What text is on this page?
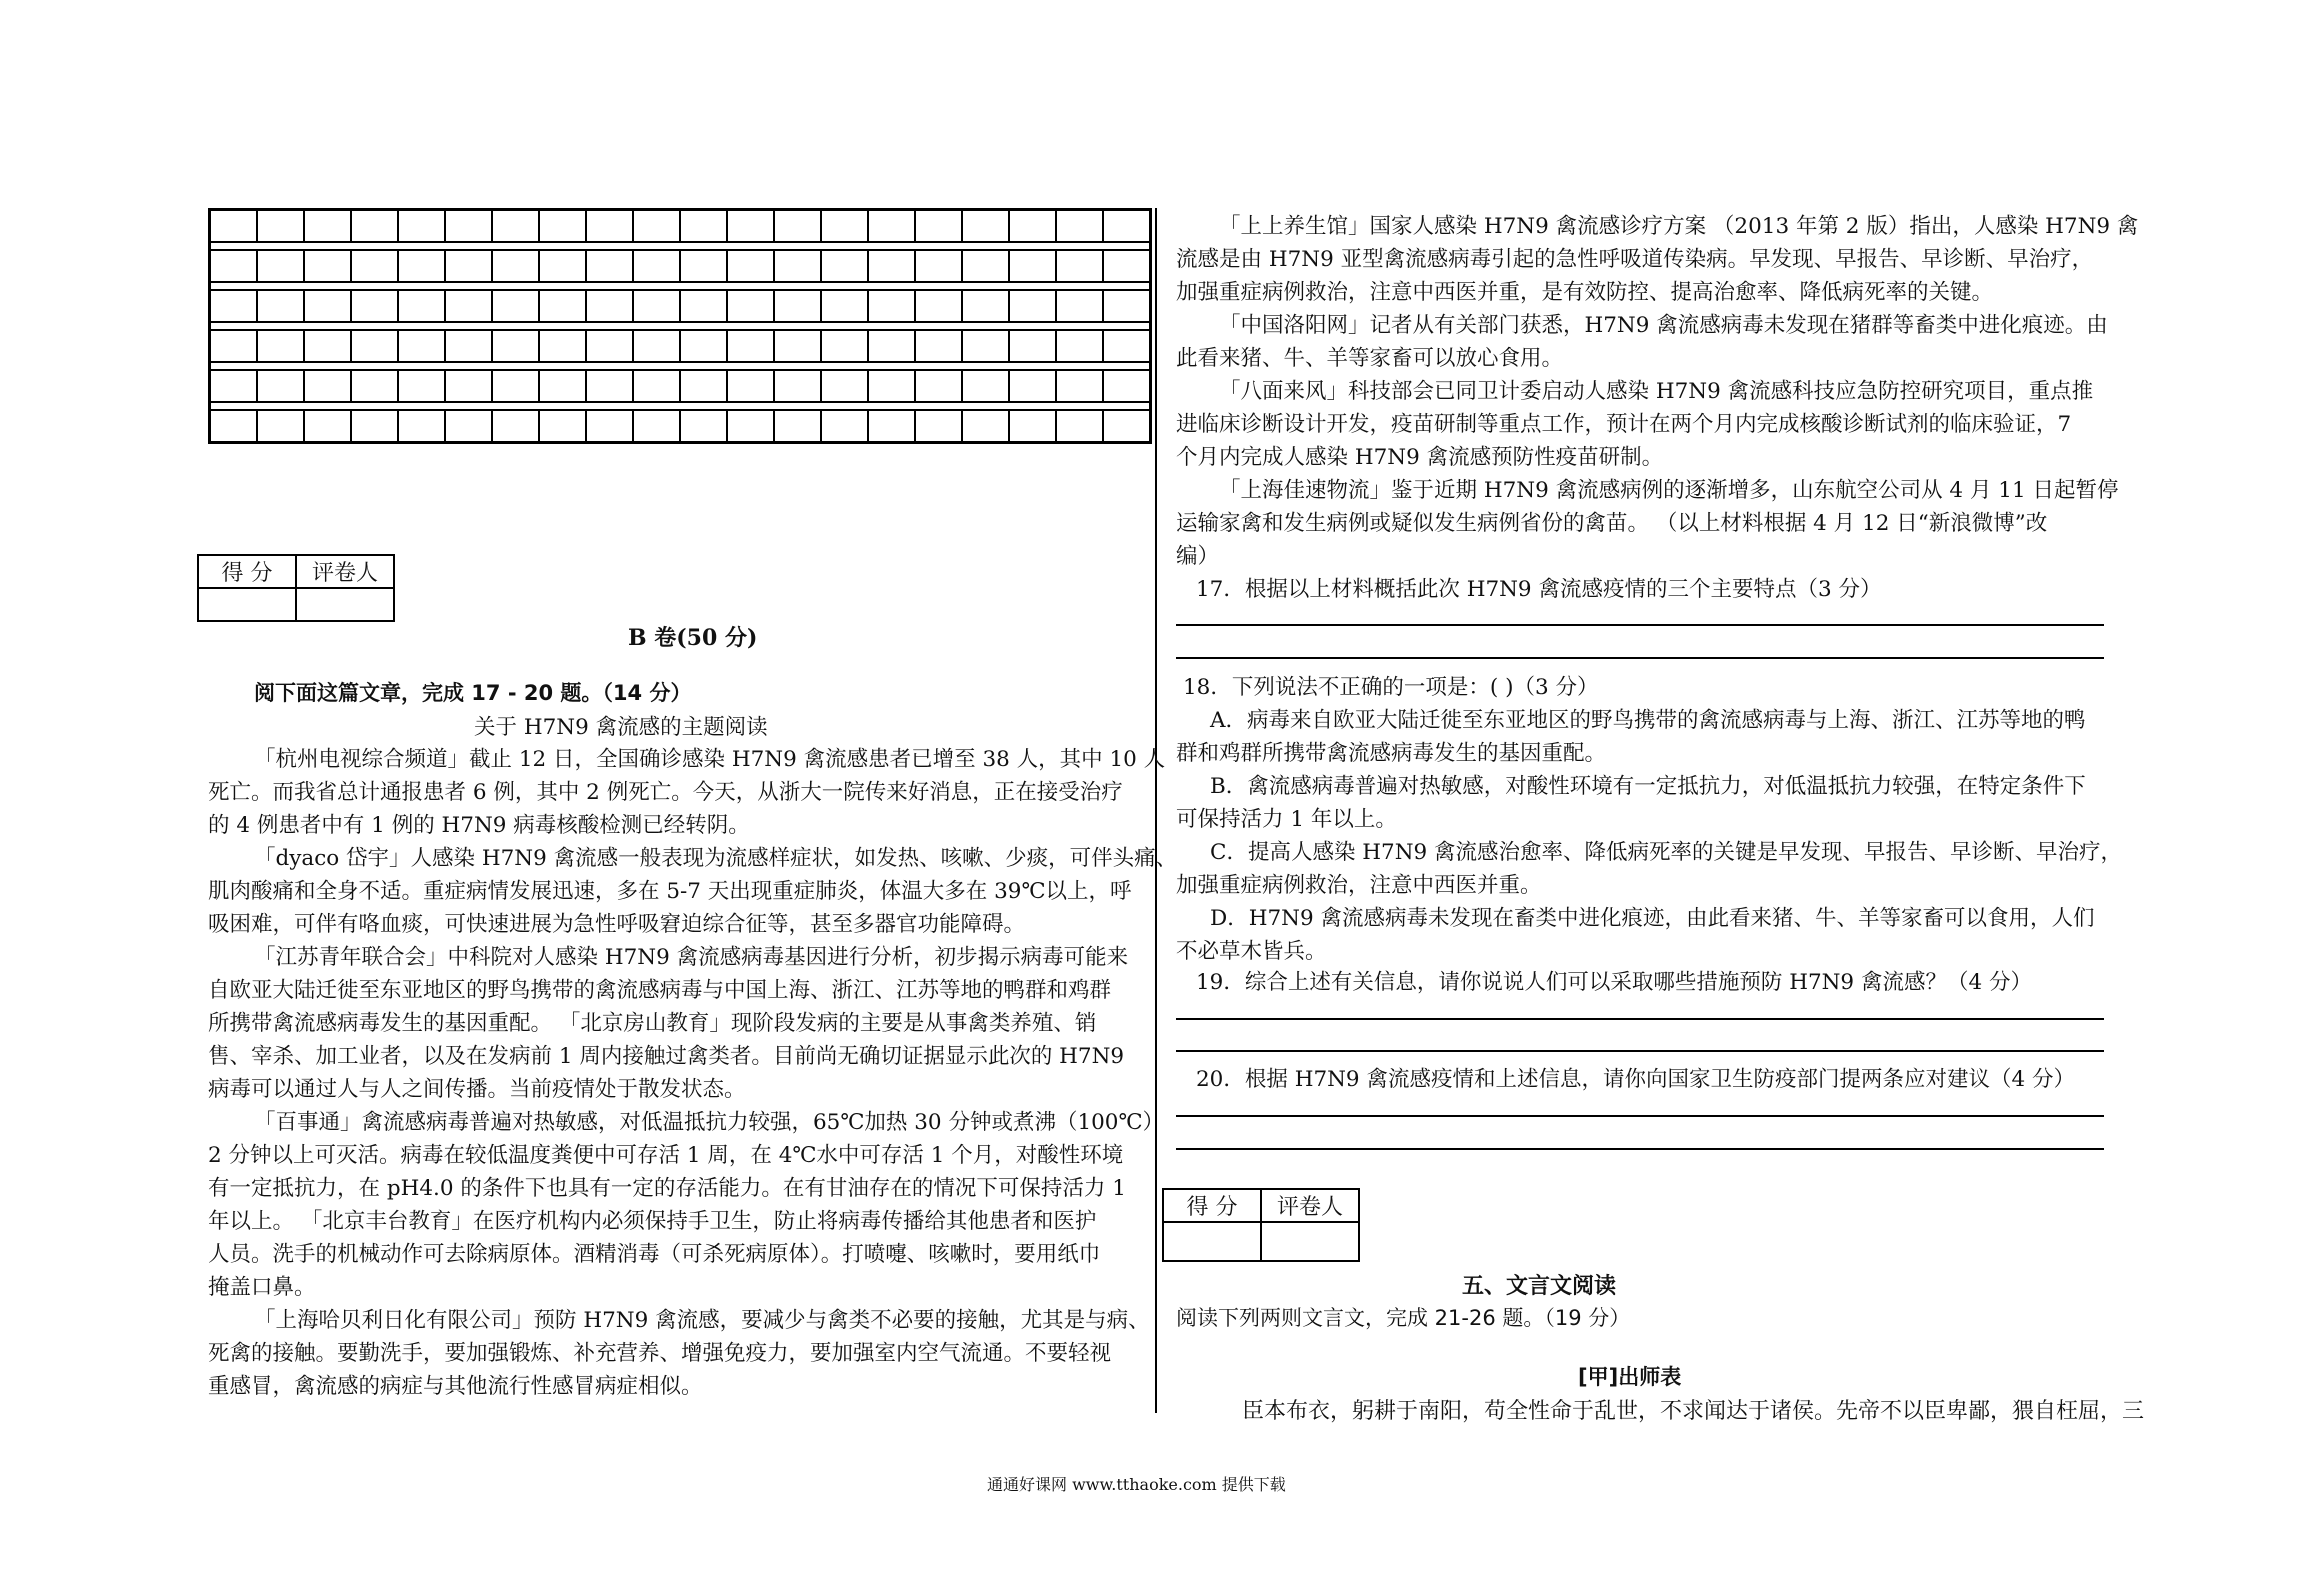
得 分	评卷人

B 卷(50 分)
阅下面这篇文章，完成 17 - 20 题。（14 分）
关于 H7N9 禽流感的主题阅读
「杭州电视综合频道」截止 12 日，全国确诊感染 H7N9 禽流感患者已增至 38 人，其中 10 人
死亡。而我省总计通报患者 6 例，其中 2 例死亡。今天，从浙大一院传来好消息，正在接受治疗
的 4 例患者中有 1 例的 H7N9 病毒核酸检测已经转阴。
「dyaco 岱宇」人感染 H7N9 禽流感一般表现为流感样症状，如发热、咳嗽、少痰，可伴头痛、
肌肉酸痛和全身不适。重症病情发展迅速，多在 5-7 天出现重症肺炎，体温大多在 39℃以上，呼
吸困难，可伴有咯血痰，可快速进展为急性呼吸窘迫综合征等，甚至多器官功能障碍。
「江苏青年联合会」中科院对人感染 H7N9 禽流感病毒基因进行分析，初步揭示病毒可能来
自欧亚大陆迁徙至东亚地区的野鸟携带的禽流感病毒与中国上海、浙江、江苏等地的鸭群和鸡群
所携带禽流感病毒发生的基因重配。 「北京房山教育」现阶段发病的主要是从事禽类养殖、销
售、宰杀、加工业者，以及在发病前 1 周内接触过禽类者。目前尚无确切证据显示此次的 H7N9
病毒可以通过人与人之间传播。当前疫情处于散发状态。
「百事通」禽流感病毒普遍对热敏感，对低温抵抗力较强，65℃加热 30 分钟或煮沸（100℃）
2 分钟以上可灭活。病毒在较低温度粪便中可存活 1 周，在 4℃水中可存活 1 个月，对酸性环境
有一定抵抗力，在 pH4.0 的条件下也具有一定的存活能力。在有甘油存在的情况下可保持活力 1
年以上。 「北京丰台教育」在医疗机构内必须保持手卫生，防止将病毒传播给其他患者和医护
人员。洗手的机械动作可去除病原体。酒精消毒（可杀死病原体）。打喷嚏、咳嗽时，要用纸巾
掩盖口鼻。
「上海哈贝利日化有限公司」预防 H7N9 禽流感，要减少与禽类不必要的接触，尤其是与病、
死禽的接触。要勤洗手，要加强锻炼、补充营养、增强免疫力，要加强室内空气流通。不要轻视
重感冒，禽流感的病症与其他流行性感冒病症相似。
「上上养生馆」国家人感染 H7N9 禽流感诊疗方案 （2013 年第 2 版）指出，人感染 H7N9 禽
流感是由 H7N9 亚型禽流感病毒引起的急性呼吸道传染病。早发现、早报告、早诊断、早治疗，
加强重症病例救治，注意中西医并重，是有效防控、提高治愈率、降低病死率的关键。
「中国洛阳网」记者从有关部门获悉，H7N9 禽流感病毒未发现在猪群等畜类中进化痕迹。由
此看来猪、牛、羊等家畜可以放心食用。
「八面来风」科技部会已同卫计委启动人感染 H7N9 禽流感科技应急防控研究项目，重点推
进临床诊断设计开发，疫苗研制等重点工作，预计在两个月内完成核酸诊断试剂的临床验证，7
个月内完成人感染 H7N9 禽流感预防性疫苗研制。
「上海佳速物流」鉴于近期 H7N9 禽流感病例的逐渐增多，山东航空公司从 4 月 11 日起暂停
运输家禽和发生病例或疑似发生病例省份的禽苗。 （以上材料根据 4 月 12 日“新浪微博”改
编）
17．根据以上材料概括此次 H7N9 禽流感疫情的三个主要特点（3 分）
18．下列说法不正确的一项是：( )（3 分）
A．病毒来自欧亚大陆迁徙至东亚地区的野鸟携带的禽流感病毒与上海、浙江、江苏等地的鸭
群和鸡群所携带禽流感病毒发生的基因重配。
B．禽流感病毒普遍对热敏感，对酸性环境有一定抵抗力，对低温抵抗力较强，在特定条件下
可保持活力 1 年以上。
C．提高人感染 H7N9 禽流感治愈率、降低病死率的关键是早发现、早报告、早诊断、早治疗，
加强重症病例救治，注意中西医并重。
D．H7N9 禽流感病毒未发现在畜类中进化痕迹，由此看来猪、牛、羊等家畜可以食用，人们
不必草木皆兵。
19．综合上述有关信息，请你说说人们可以采取哪些措施预防 H7N9 禽流感？（4 分）
20．根据 H7N9 禽流感疫情和上述信息，请你向国家卫生防疫部门提两条应对建议（4 分）
得 分	评卷人

五、文言文阅读
阅读下列两则文言文，完成 21-26 题。（19 分）
[甲]出师表
臣本布衣，躬耕于南阳，苟全性命于乱世，不求闻达于诸侯。先帝不以臣卑鄙，猥自枉屈，三
通通好课网 www.tthaoke.com 提供下载
